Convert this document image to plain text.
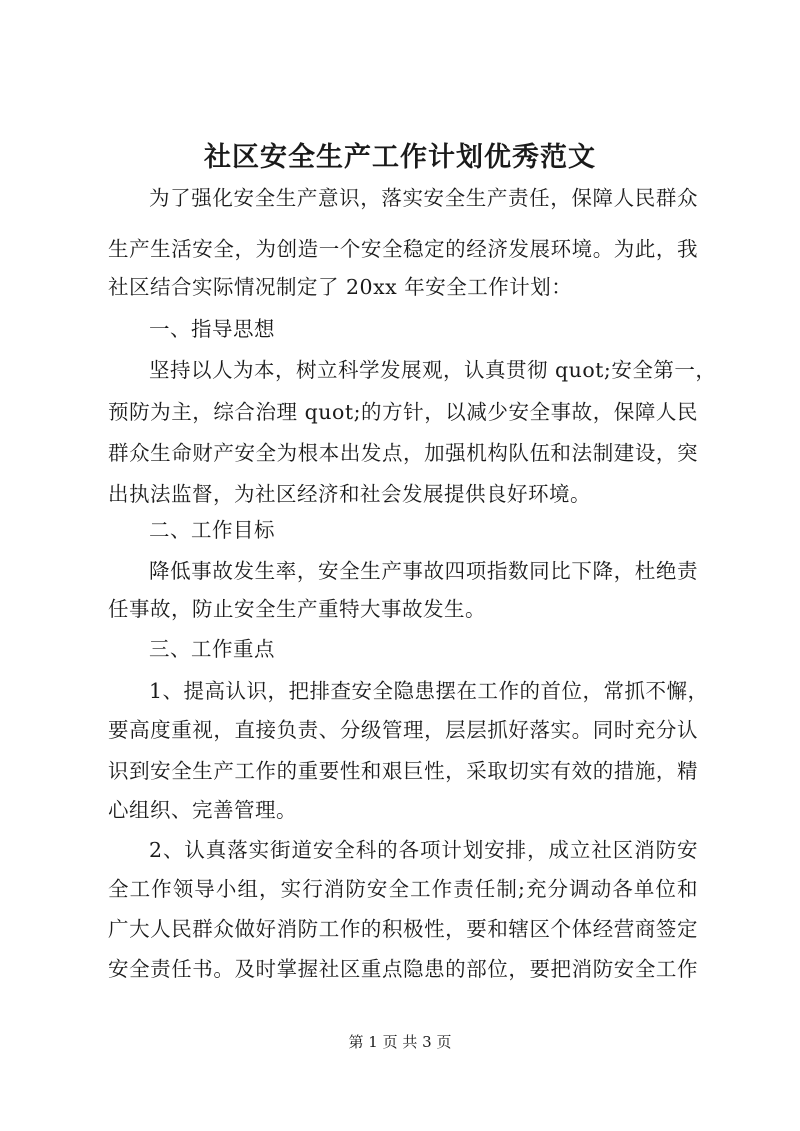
社区安全生产工作计划优秀范文
为了强化安全生产意识，落实安全生产责任，保障人民群众
生产生活安全，为创造一个安全稳定的经济发展环境。为此，我
社区结合实际情况制定了 20xx 年安全工作计划：
一、指导思想
坚持以人为本，树立科学发展观，认真贯彻 quot;安全第一，
预防为主，综合治理 quot;的方针，以减少安全事故，保障人民
群众生命财产安全为根本出发点，加强机构队伍和法制建设，突
出执法监督，为社区经济和社会发展提供良好环境。
二、工作目标
降低事故发生率，安全生产事故四项指数同比下降，杜绝责
任事故，防止安全生产重特大事故发生。
三、工作重点
1、提高认识，把排查安全隐患摆在工作的首位，常抓不懈，
要高度重视，直接负责、分级管理，层层抓好落实。同时充分认
识到安全生产工作的重要性和艰巨性，采取切实有效的措施，精
心组织、完善管理。
2、认真落实街道安全科的各项计划安排，成立社区消防安
全工作领导小组，实行消防安全工作责任制;充分调动各单位和
广大人民群众做好消防工作的积极性，要和辖区个体经营商签定
安全责任书。及时掌握社区重点隐患的部位，要把消防安全工作
第 1 页 共 3 页
